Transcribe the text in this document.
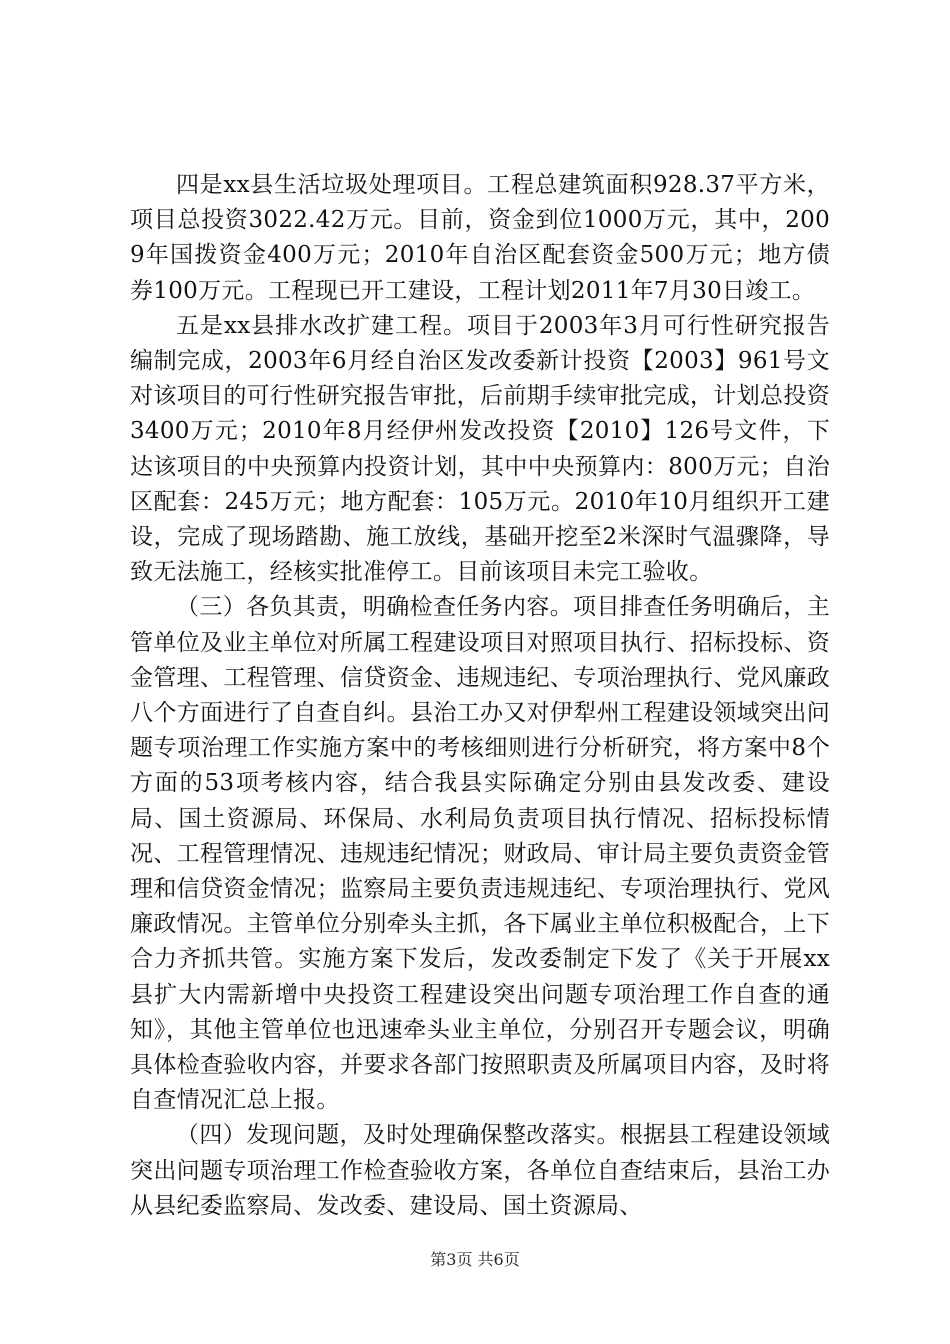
四是xx县生活垃圾处理项目。工程总建筑面积928.37平方米，项目总投资3022.42万元。目前，资金到位1000万元，其中，2009年国拨资金400万元；2010年自治区配套资金500万元；地方债券100万元。工程现已开工建设，工程计划2011年7月30日竣工。

五是xx县排水改扩建工程。项目于2003年3月可行性研究报告编制完成，2003年6月经自治区发改委新计投资【2003】961号文对该项目的可行性研究报告审批，后前期手续审批完成，计划总投资3400万元；2010年8月经伊州发改投资【2010】126号文件，下达该项目的中央预算内投资计划，其中中央预算内：800万元；自治区配套：245万元；地方配套：105万元。2010年10月组织开工建设，完成了现场踏勘、施工放线，基础开挖至2米深时气温骤降，导致无法施工，经核实批准停工。目前该项目未完工验收。

（三）各负其责，明确检查任务内容。项目排查任务明确后，主管单位及业主单位对所属工程建设项目对照项目执行、招标投标、资金管理、工程管理、信贷资金、违规违纪、专项治理执行、党风廉政八个方面进行了自查自纠。县治工办又对伊犁州工程建设领域突出问题专项治理工作实施方案中的考核细则进行分析研究，将方案中8个方面的53项考核内容，结合我县实际确定分别由县发改委、建设局、国土资源局、环保局、水利局负责项目执行情况、招标投标情况、工程管理情况、违规违纪情况；财政局、审计局主要负责资金管理和信贷资金情况；监察局主要负责违规违纪、专项治理执行、党风廉政情况。主管单位分别牵头主抓，各下属业主单位积极配合，上下合力齐抓共管。实施方案下发后，发改委制定下发了《关于开展xx县扩大内需新增中央投资工程建设突出问题专项治理工作自查的通知》，其他主管单位也迅速牵头业主单位，分别召开专题会议，明确具体检查验收内容，并要求各部门按照职责及所属项目内容，及时将自查情况汇总上报。

（四）发现问题，及时处理确保整改落实。根据县工程建设领域突出问题专项治理工作检查验收方案，各单位自查结束后，县治工办从县纪委监察局、发改委、建设局、国土资源局、

第3页 共6页
